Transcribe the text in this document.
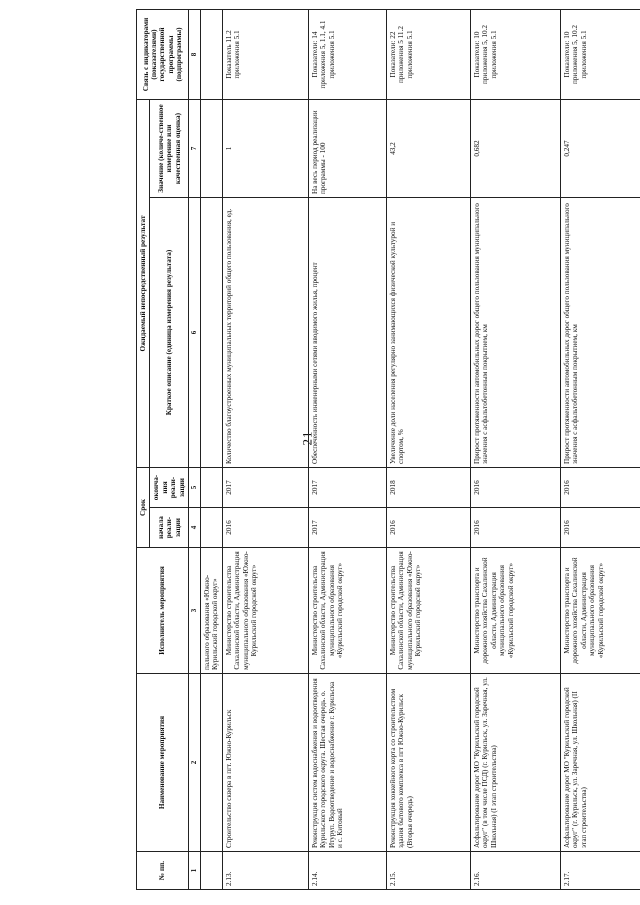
21
№ пп.	Наименование мероприятия	Исполнитель мероприятия	Срок		Ожидаемый непосредственный результат		Связь с индикаторами (показателями) государственной программы (подпрограммы)
			начала реали-зации	оконча-ния реали-зации	Краткое описание (единица измерения результата)	Значение (количе-ственное измерение или качественная оценка)	

1	2	3	4	5	6	7	8
		пального образования «Южно-Курильский городской округ»					
2.13.	Строительство сквера в пгт. Южно-Курильск	Министерство строительства Сахалинской области, Администрация муниципального образования «Южно-Курильский городской округ»	2016	2017	Количество благоустроенных муниципальных территорий общего пользования, ед.	1	Показатель 11.2 приложения 5.1
2.14.	Реконструкция систем водоснабжения и водоотведения Курильского городского округа. Шестая очередь. о. Итуруп. Водоотведение и водоснабжение г. Курильска и с. Китовый	Министерство строительства Сахалинской области, Администрация муниципального образования «Курильский городской округ»	2017	2017	Обеспеченность инженерными сетями вводимого жилья, процент	На весь период реализации программы - 100	Показатели: 14 приложения 5, 1.1, 4.1 приложения 5.1
2.15.	Реконструкция хоккейного корта со строительством здания бытового комплекса в пгт Южно-Курильск (Вторая очередь)	Министерство строительства Сахалинской области, Администрация муниципального образования «Южно-Курильский городской округ»	2016	2018	Увеличение доли населения регулярно занимающихся физической культурой и спортом, %	43,2	Показатели: 22 приложения 5 11.2 приложения 5.1
2.16.	Асфальтирование дорог МО "Курильский городской округ" (в том числе ПСД) (г. Курильск, ул. Заречная, ул. Школьная) (I этап строительства)	Министерство транспорта и дорожного хозяйства Сахалинской области, Администрация муниципального образования «Курильский городской округ»	2016	2016	Прирост протяженности автомобильных дорог общего пользования муниципального значения с асфальтобетонным покрытием, км	0,682	Показатели: 10 приложения 5, 10.2 приложения 5.1
2.17.	Асфальтирование дорог МО "Курильский городской округ" (г. Курильск, ул. Заречная, ул. Школьная) (II этап строительства)	Министерство транспорта и дорожного хозяйства Сахалинской области, Администрация муниципального образования «Курильский городской округ»	2016	2016	Прирост протяженности автомобильных дорог общего пользования муниципального значения с асфальтобетонным покрытием, км	0,247	Показатели: 10 приложения 5, 10.2 приложения 5.1
